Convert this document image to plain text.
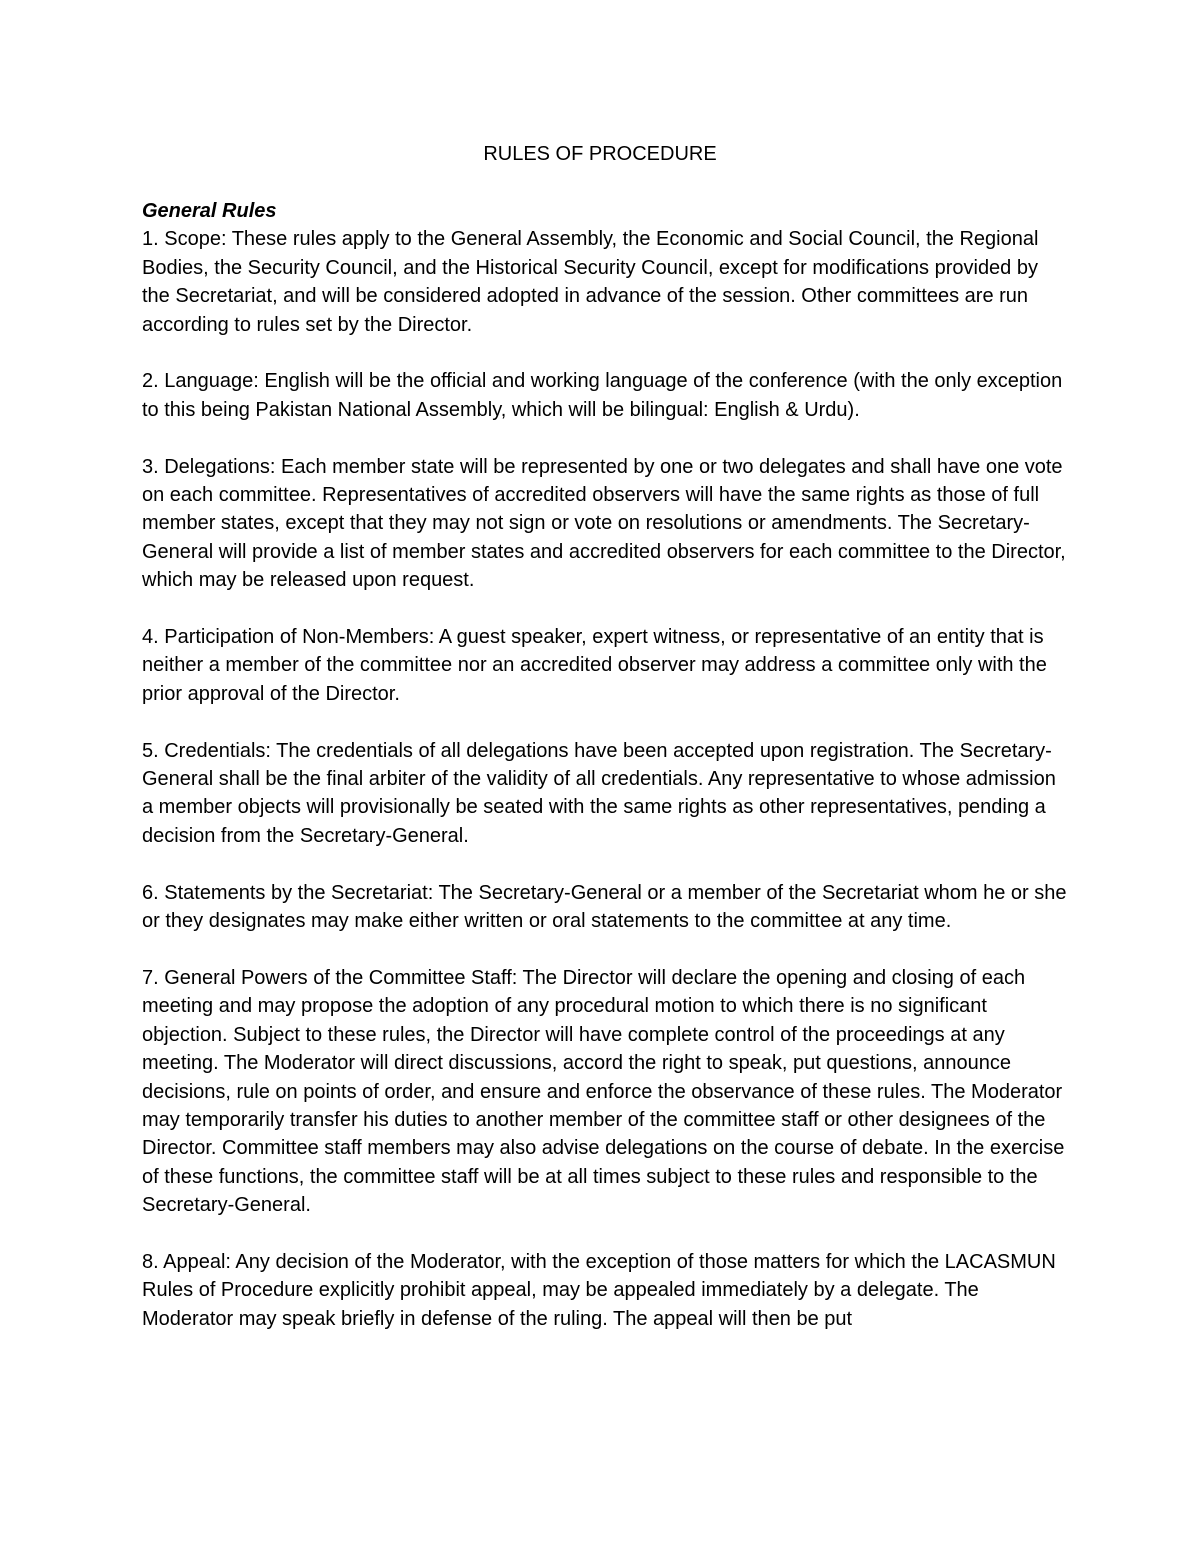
RULES OF PROCEDURE
General Rules

1. Scope: These rules apply to the General Assembly, the Economic and Social Council, the Regional Bodies, the Security Council, and the Historical Security Council, except for modifications provided by the Secretariat, and will be considered adopted in advance of the session. Other committees are run according to rules set by the Director.

2. Language: English will be the official and working language of the conference (with the only exception to this being Pakistan National Assembly, which will be bilingual: English & Urdu).

3. Delegations: Each member state will be represented by one or two delegates and shall have one vote on each committee. Representatives of accredited observers will have the same rights as those of full member states, except that they may not sign or vote on resolutions or amendments. The Secretary-General will provide a list of member states and accredited observers for each committee to the Director, which may be released upon request.

4. Participation of Non-Members: A guest speaker, expert witness, or representative of an entity that is neither a member of the committee nor an accredited observer may address a committee only with the prior approval of the Director.

5. Credentials: The credentials of all delegations have been accepted upon registration. The Secretary-General shall be the final arbiter of the validity of all credentials. Any representative to whose admission a member objects will provisionally be seated with the same rights as other representatives, pending a decision from the Secretary-General.

6. Statements by the Secretariat: The Secretary-General or a member of the Secretariat whom he or she or they designates may make either written or oral statements to the committee at any time.

7. General Powers of the Committee Staff: The Director will declare the opening and closing of each meeting and may propose the adoption of any procedural motion to which there is no significant objection. Subject to these rules, the Director will have complete control of the proceedings at any meeting. The Moderator will direct discussions, accord the right to speak, put questions, announce decisions, rule on points of order, and ensure and enforce the observance of these rules. The Moderator may temporarily transfer his duties to another member of the committee staff or other designees of the Director. Committee staff members may also advise delegations on the course of debate. In the exercise of these functions, the committee staff will be at all times subject to these rules and responsible to the Secretary-General.

8. Appeal: Any decision of the Moderator, with the exception of those matters for which the LACASMUN Rules of Procedure explicitly prohibit appeal, may be appealed immediately by a delegate. The Moderator may speak briefly in defense of the ruling. The appeal will then be put
